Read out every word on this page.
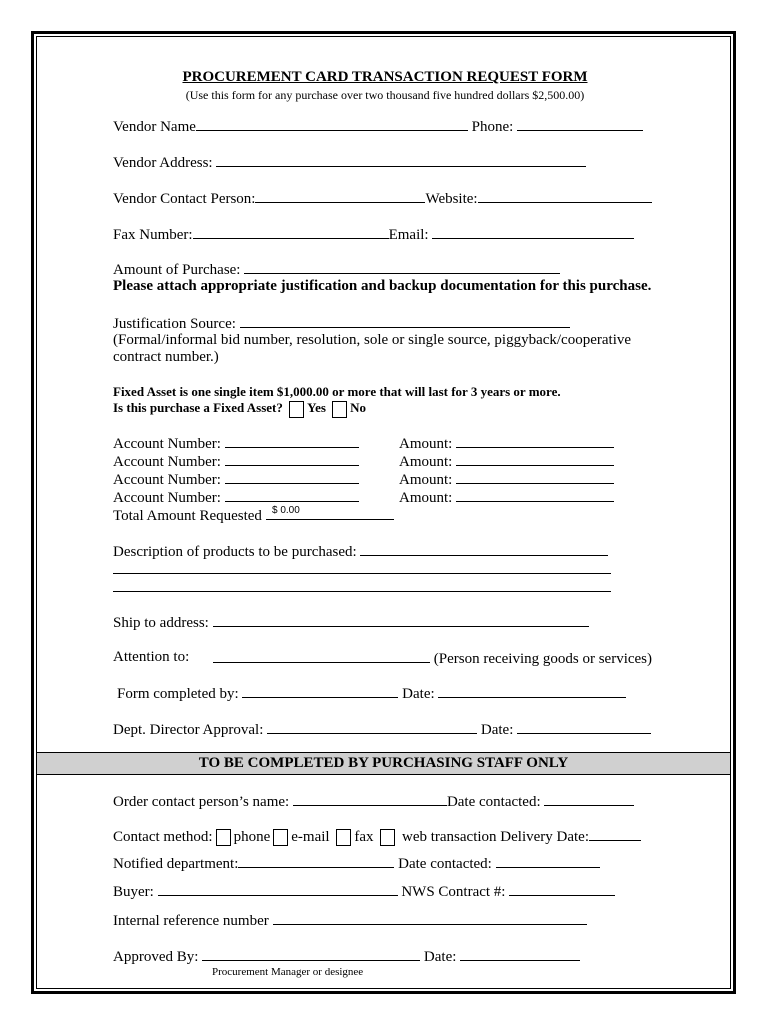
PROCUREMENT CARD TRANSACTION REQUEST FORM
(Use this form for any purchase over two thousand five hundred dollars $2,500.00)
Vendor Name	Phone:
Vendor Address:
Vendor Contact Person:	Website:
Fax Number:	Email:
Amount of Purchase:
Please attach appropriate justification and backup documentation for this purchase.
Justification Source:
(Formal/informal bid number, resolution, sole or single source, piggyback/cooperative
contract number.)
Fixed Asset is one single item $1,000.00 or more that will last for 3 years or more.
Is this purchase a Fixed Asset? Yes No
Account Number:	Amount:
Account Number:	Amount:
Account Number:	Amount:
Account Number:	Amount:
Total Amount Requested	$ 0.00
Description of products to be purchased:
Ship to address:
Attention to:	(Person receiving goods or services)
Form completed by:	Date:
Dept. Director Approval:	Date:
TO BE COMPLETED BY PURCHASING STAFF ONLY
Order contact person’s name:	Date contacted:
Contact method: phone e-mail fax web transaction Delivery Date:
Notified department:	Date contacted:
Buyer:	NWS Contract #:
Internal reference number
Approved By:	Date:
Procurement Manager or designee
